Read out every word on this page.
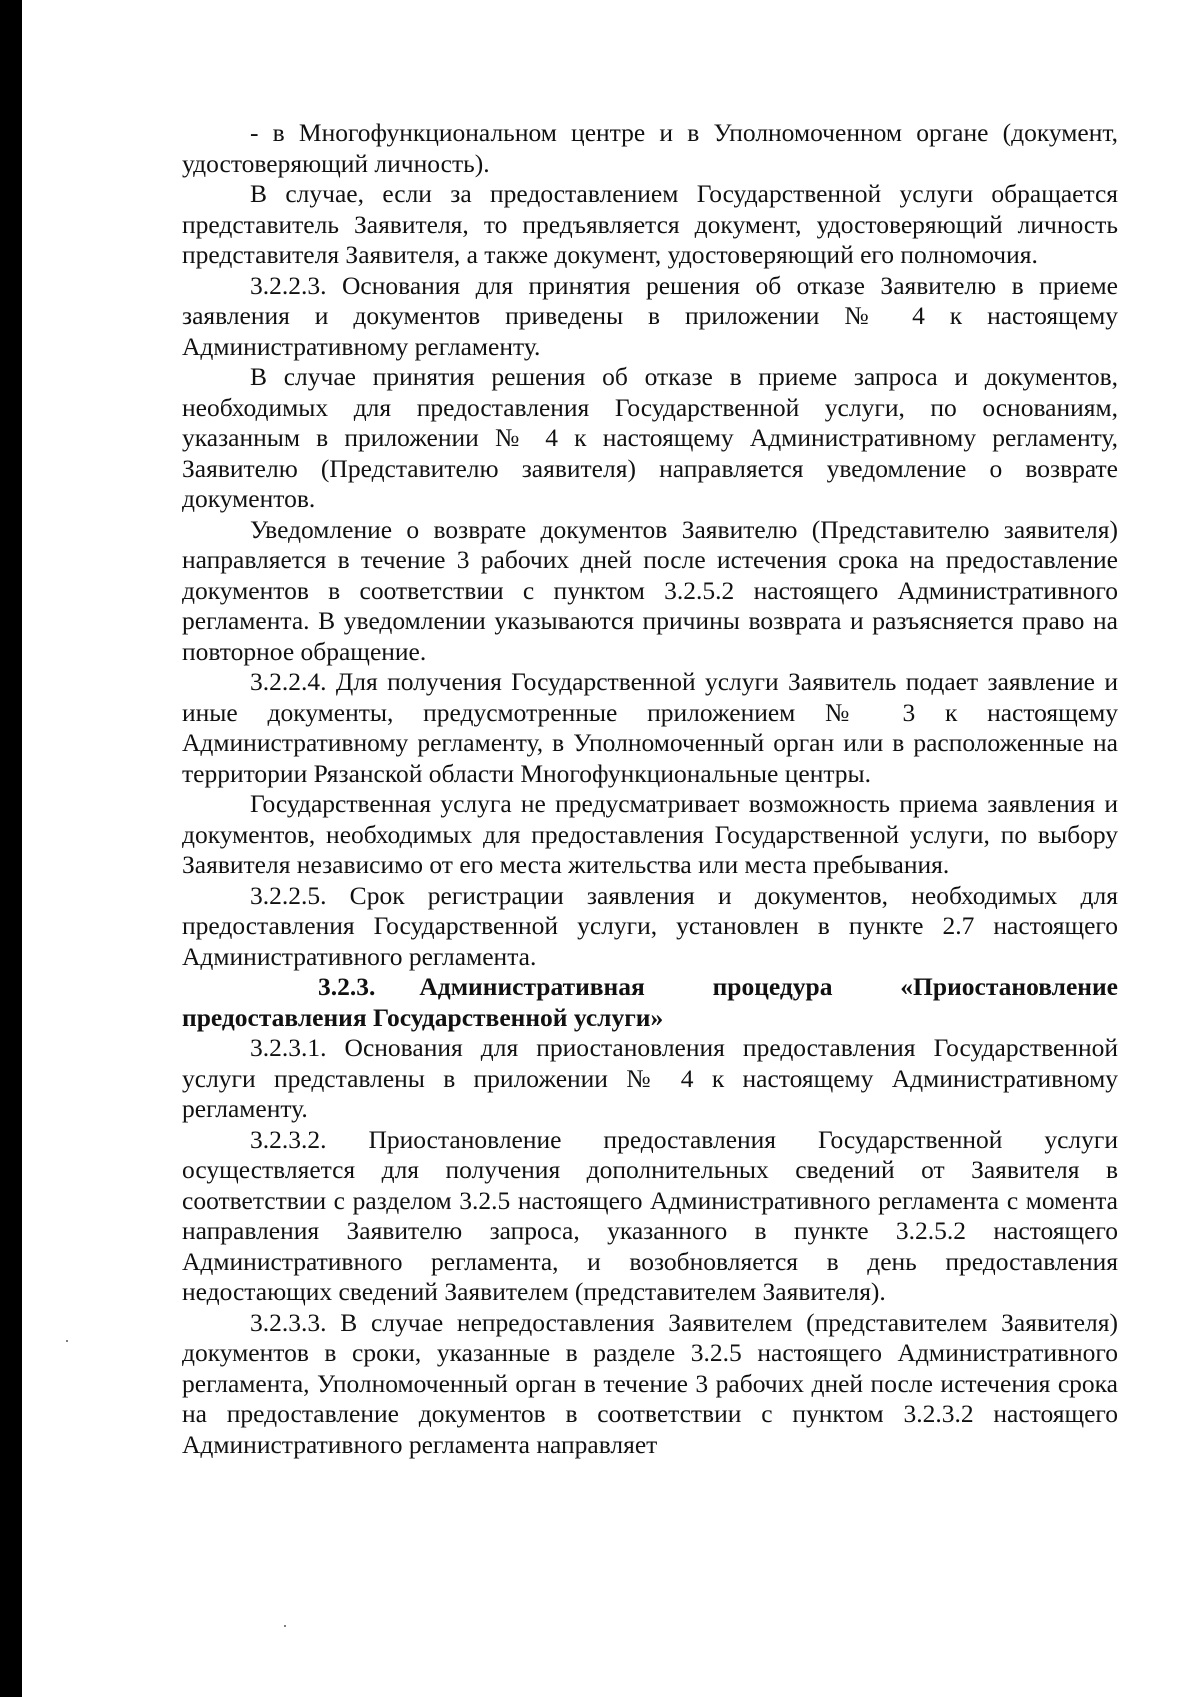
- в Многофункциональном центре и в Уполномоченном органе (документ, удостоверяющий личность).

В случае, если за предоставлением Государственной услуги обращается представитель Заявителя, то предъявляется документ, удостоверяющий личность представителя Заявителя, а также документ, удостоверяющий его полномочия.

3.2.2.3. Основания для принятия решения об отказе Заявителю в приеме заявления и документов приведены в приложении № 4 к настоящему Административному регламенту.

В случае принятия решения об отказе в приеме запроса и документов, необходимых для предоставления Государственной услуги, по основаниям, указанным в приложении № 4 к настоящему Административному регламенту, Заявителю (Представителю заявителя) направляется уведомление о возврате документов.

Уведомление о возврате документов Заявителю (Представителю заявителя) направляется в течение 3 рабочих дней после истечения срока на предоставление документов в соответствии с пунктом 3.2.5.2 настоящего Административного регламента. В уведомлении указываются причины возврата и разъясняется право на повторное обращение.

3.2.2.4. Для получения Государственной услуги Заявитель подает заявление и иные документы, предусмотренные приложением № 3 к настоящему Административному регламенту, в Уполномоченный орган или в расположенные на территории Рязанской области Многофункциональные центры.

Государственная услуга не предусматривает возможность приема заявления и документов, необходимых для предоставления Государственной услуги, по выбору Заявителя независимо от его места жительства или места пребывания.

3.2.2.5. Срок регистрации заявления и документов, необходимых для предоставления Государственной услуги, установлен в пункте 2.7 настоящего Административного регламента.

3.2.3. Административная процедура «Приостановление предоставления Государственной услуги»

3.2.3.1. Основания для приостановления предоставления Государственной услуги представлены в приложении № 4 к настоящему Административному регламенту.

3.2.3.2. Приостановление предоставления Государственной услуги осуществляется для получения дополнительных сведений от Заявителя в соответствии с разделом 3.2.5 настоящего Административного регламента с момента направления Заявителю запроса, указанного в пункте 3.2.5.2 настоящего Административного регламента, и возобновляется в день предоставления недостающих сведений Заявителем (представителем Заявителя).

3.2.3.3. В случае непредоставления Заявителем (представителем Заявителя) документов в сроки, указанные в разделе 3.2.5 настоящего Административного регламента, Уполномоченный орган в течение 3 рабочих дней после истечения срока на предоставление документов в соответствии с пунктом 3.2.3.2 настоящего Административного регламента направляет
